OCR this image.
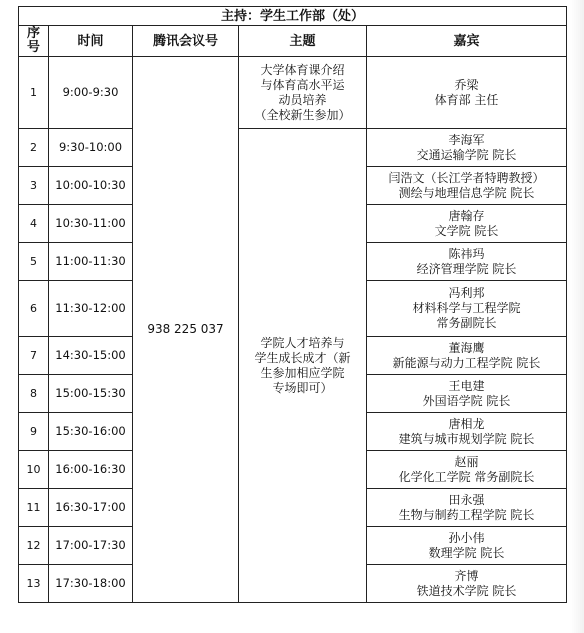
主持：学生工作部（处）				

序号	时间	腾讯会议号	主题	嘉宾
1	9:00-9:30	938 225 037	大学体育课介绍
与体育高水平运
动员培养
（全校新生参加）	乔梁
体育部 主任

2	9:30-10:00		学院人才培养与
学生成长成才（新
生参加相应学院
专场即可）	李海军
交通运输学院 院长

3	10:00-10:30			闫浩文（长江学者特聘教授）
测绘与地理信息学院 院长

4	10:30-11:00			唐翰存
文学院 院长

5	11:00-11:30			陈祎玛
经济管理学院 院长

6	11:30-12:00			冯利邦
材料科学与工程学院
常务副院长

7	14:30-15:00			董海鹰
新能源与动力工程学院 院长

8	15:00-15:30			王电建
外国语学院 院长

9	15:30-16:00			唐相龙
建筑与城市规划学院 院长

10	16:00-16:30			赵丽
化学化工学院 常务副院长

11	16:30-17:00			田永强
生物与制药工程学院 院长

12	17:00-17:30			孙小伟
数理学院 院长

13	17:30-18:00			齐博
铁道技术学院 院长
